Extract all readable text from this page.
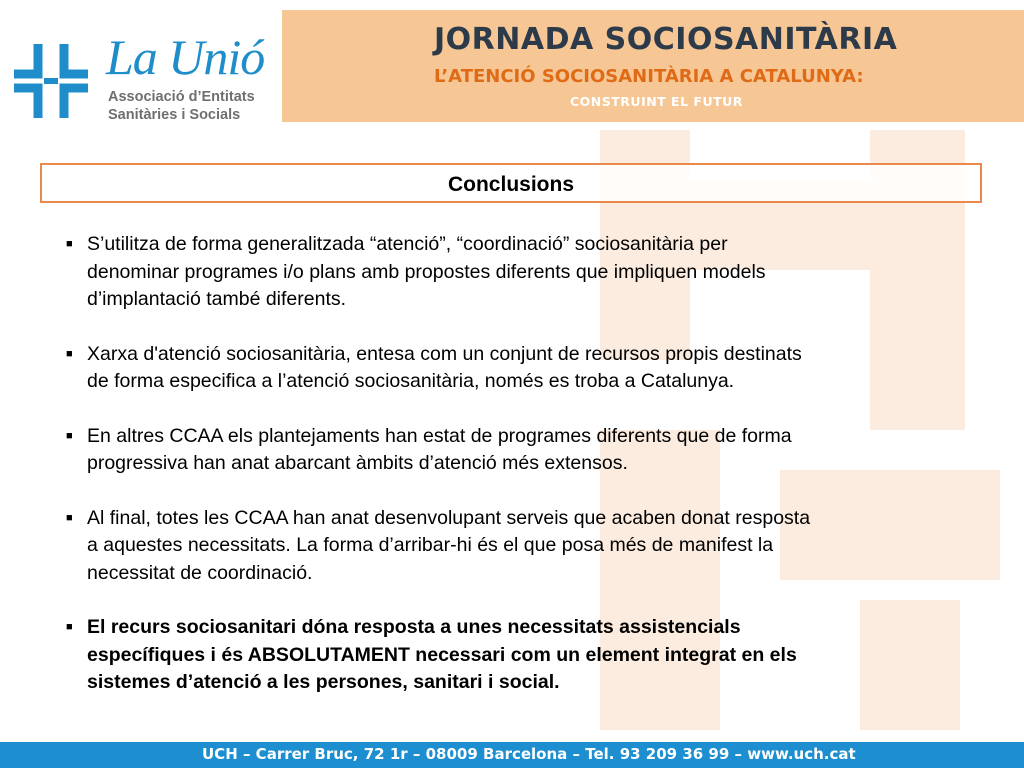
La Unió
Associació d’Entitats
Sanitàries i Socials
JORNADA SOCIOSANITÀRIA
L’ATENCIÓ SOCIOSANITÀRIA A CATALUNYA:
CONSTRUINT EL FUTUR
Conclusions
■ S’utilitza de forma generalitzada “atenció”, “coordinació” sociosanitària per
denominar programes i/o plans amb propostes diferents que impliquen models
d’implantació també diferents.
■ Xarxa d'atenció sociosanitària, entesa com un conjunt de recursos propis destinats
de forma especifica a l’atenció sociosanitària, només es troba a Catalunya.
■ En altres CCAA els plantejaments han estat de programes diferents que de forma
progressiva han anat abarcant àmbits d’atenció més extensos.
■ Al final, totes les CCAA han anat desenvolupant serveis que acaben donat resposta
a aquestes necessitats. La forma d’arribar-hi és el que posa més de manifest la
necessitat de coordinació.
■ El recurs sociosanitari dóna resposta a unes necessitats assistencials
específiques i és ABSOLUTAMENT necessari com un element integrat en els
sistemes d’atenció a les persones, sanitari i social.
UCH – Carrer Bruc, 72 1r – 08009 Barcelona – Tel. 93 209 36 99 – www.uch.cat
